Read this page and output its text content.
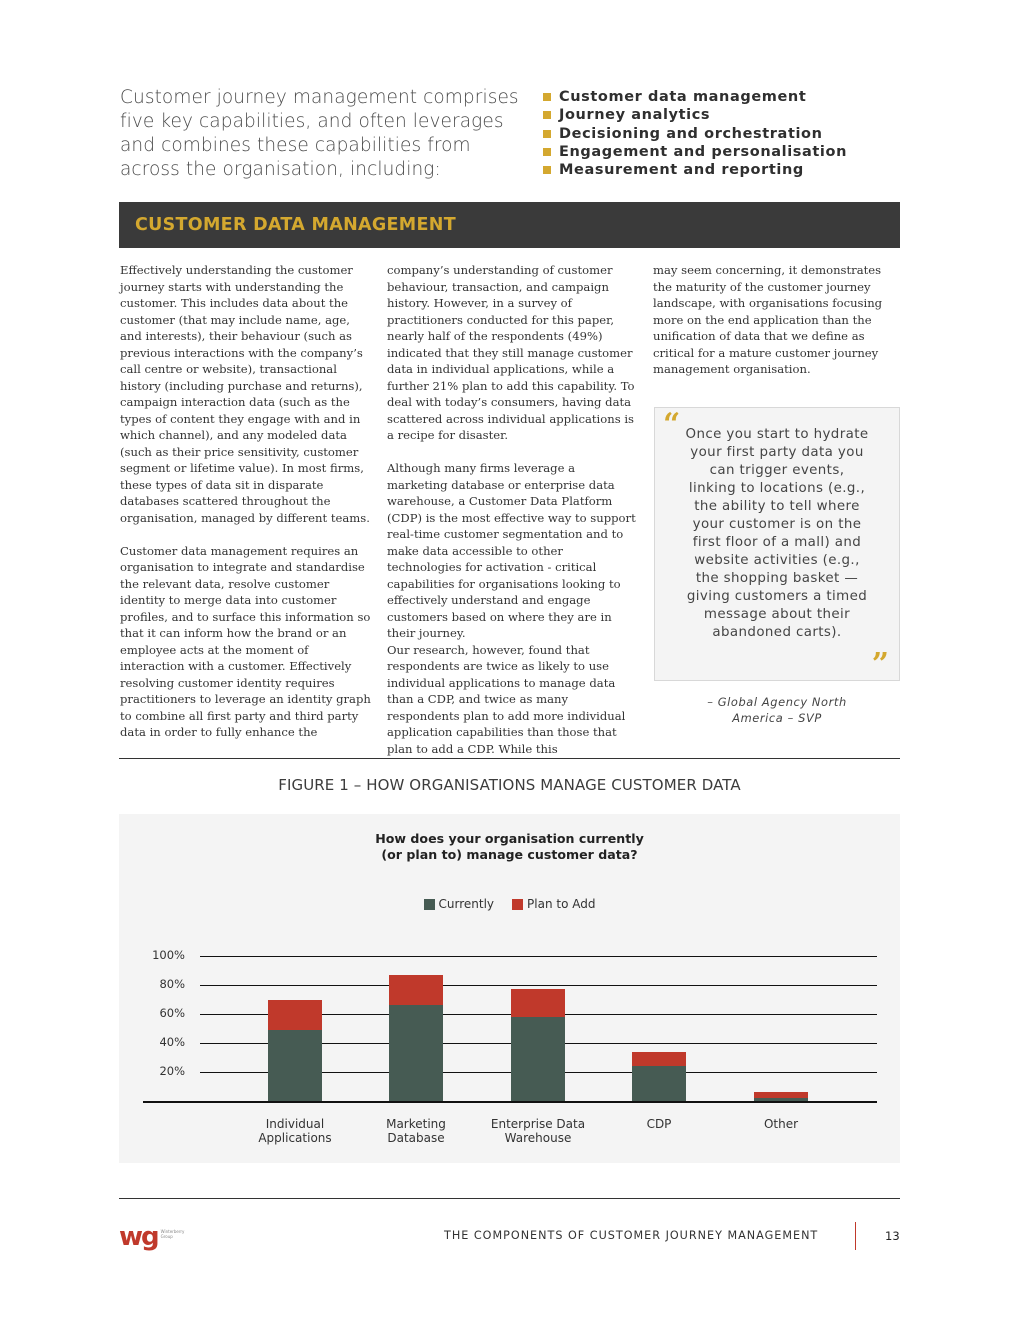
Customer journey management comprises five key capabilities, and often leverages and combines these capabilities from across the organisation, including:
Customer data management
Journey analytics
Decisioning and orchestration
Engagement and personalisation
Measurement and reporting
CUSTOMER DATA MANAGEMENT

Effectively understanding the customer journey starts with understanding the customer. This includes data about the customer (that may include name, age, and interests), their behaviour (such as previous interactions with the company’s call centre or website), transactional history (including purchase and returns), campaign interaction data (such as the types of content they engage with and in which channel), and any modeled data (such as their price sensitivity, customer segment or lifetime value). In most firms, these types of data sit in disparate databases scattered throughout the organisation, managed by different teams.

Customer data management requires an organisation to integrate and standardise the relevant data, resolve customer identity to merge data into customer profiles, and to surface this information so that it can inform how the brand or an employee acts at the moment of interaction with a customer. Effectively resolving customer identity requires practitioners to leverage an identity graph to combine all first party and third party data in order to fully enhance the

company’s understanding of customer behaviour, transaction, and campaign history. However, in a survey of practitioners conducted for this paper, nearly half of the respondents (49%) indicated that they still manage customer data in individual applications, while a further 21% plan to add this capability. To deal with today’s consumers, having data scattered across individual applications is a recipe for disaster.

Although many firms leverage a marketing database or enterprise data warehouse, a Customer Data Platform (CDP) is the most effective way to support real-time customer segmentation and to make data accessible to other technologies for activation - critical capabilities for organisations looking to effectively understand and engage customers based on where they are in their journey.

Our research, however, found that respondents are twice as likely to use individual applications to manage data than a CDP, and twice as many respondents plan to add more individual application capabilities than those that plan to add a CDP. While this

may seem concerning, it demonstrates the maturity of the customer journey landscape, with organisations focusing more on the end application than the unification of data that we define as critical for a mature customer journey management organisation.

“ Once you start to hydrate your first party data you can trigger events, linking to locations (e.g., the ability to tell where your customer is on the first floor of a mall) and website activities (e.g., the shopping basket — giving customers a timed message about their abandoned carts).
”
– Global Agency North
America – SVP
FIGURE 1 – HOW ORGANISATIONS MANAGE CUSTOMER DATA
How does your organisation currently
(or plan to) manage customer data?
Currently	Plan to Add
20%
40%
60%
80%
100%
Individual
Applications
Marketing
Database
Enterprise Data
Warehouse
CDP	Other
wg Winterberry Group	THE COMPONENTS OF CUSTOMER JOURNEY MANAGEMENT	13
